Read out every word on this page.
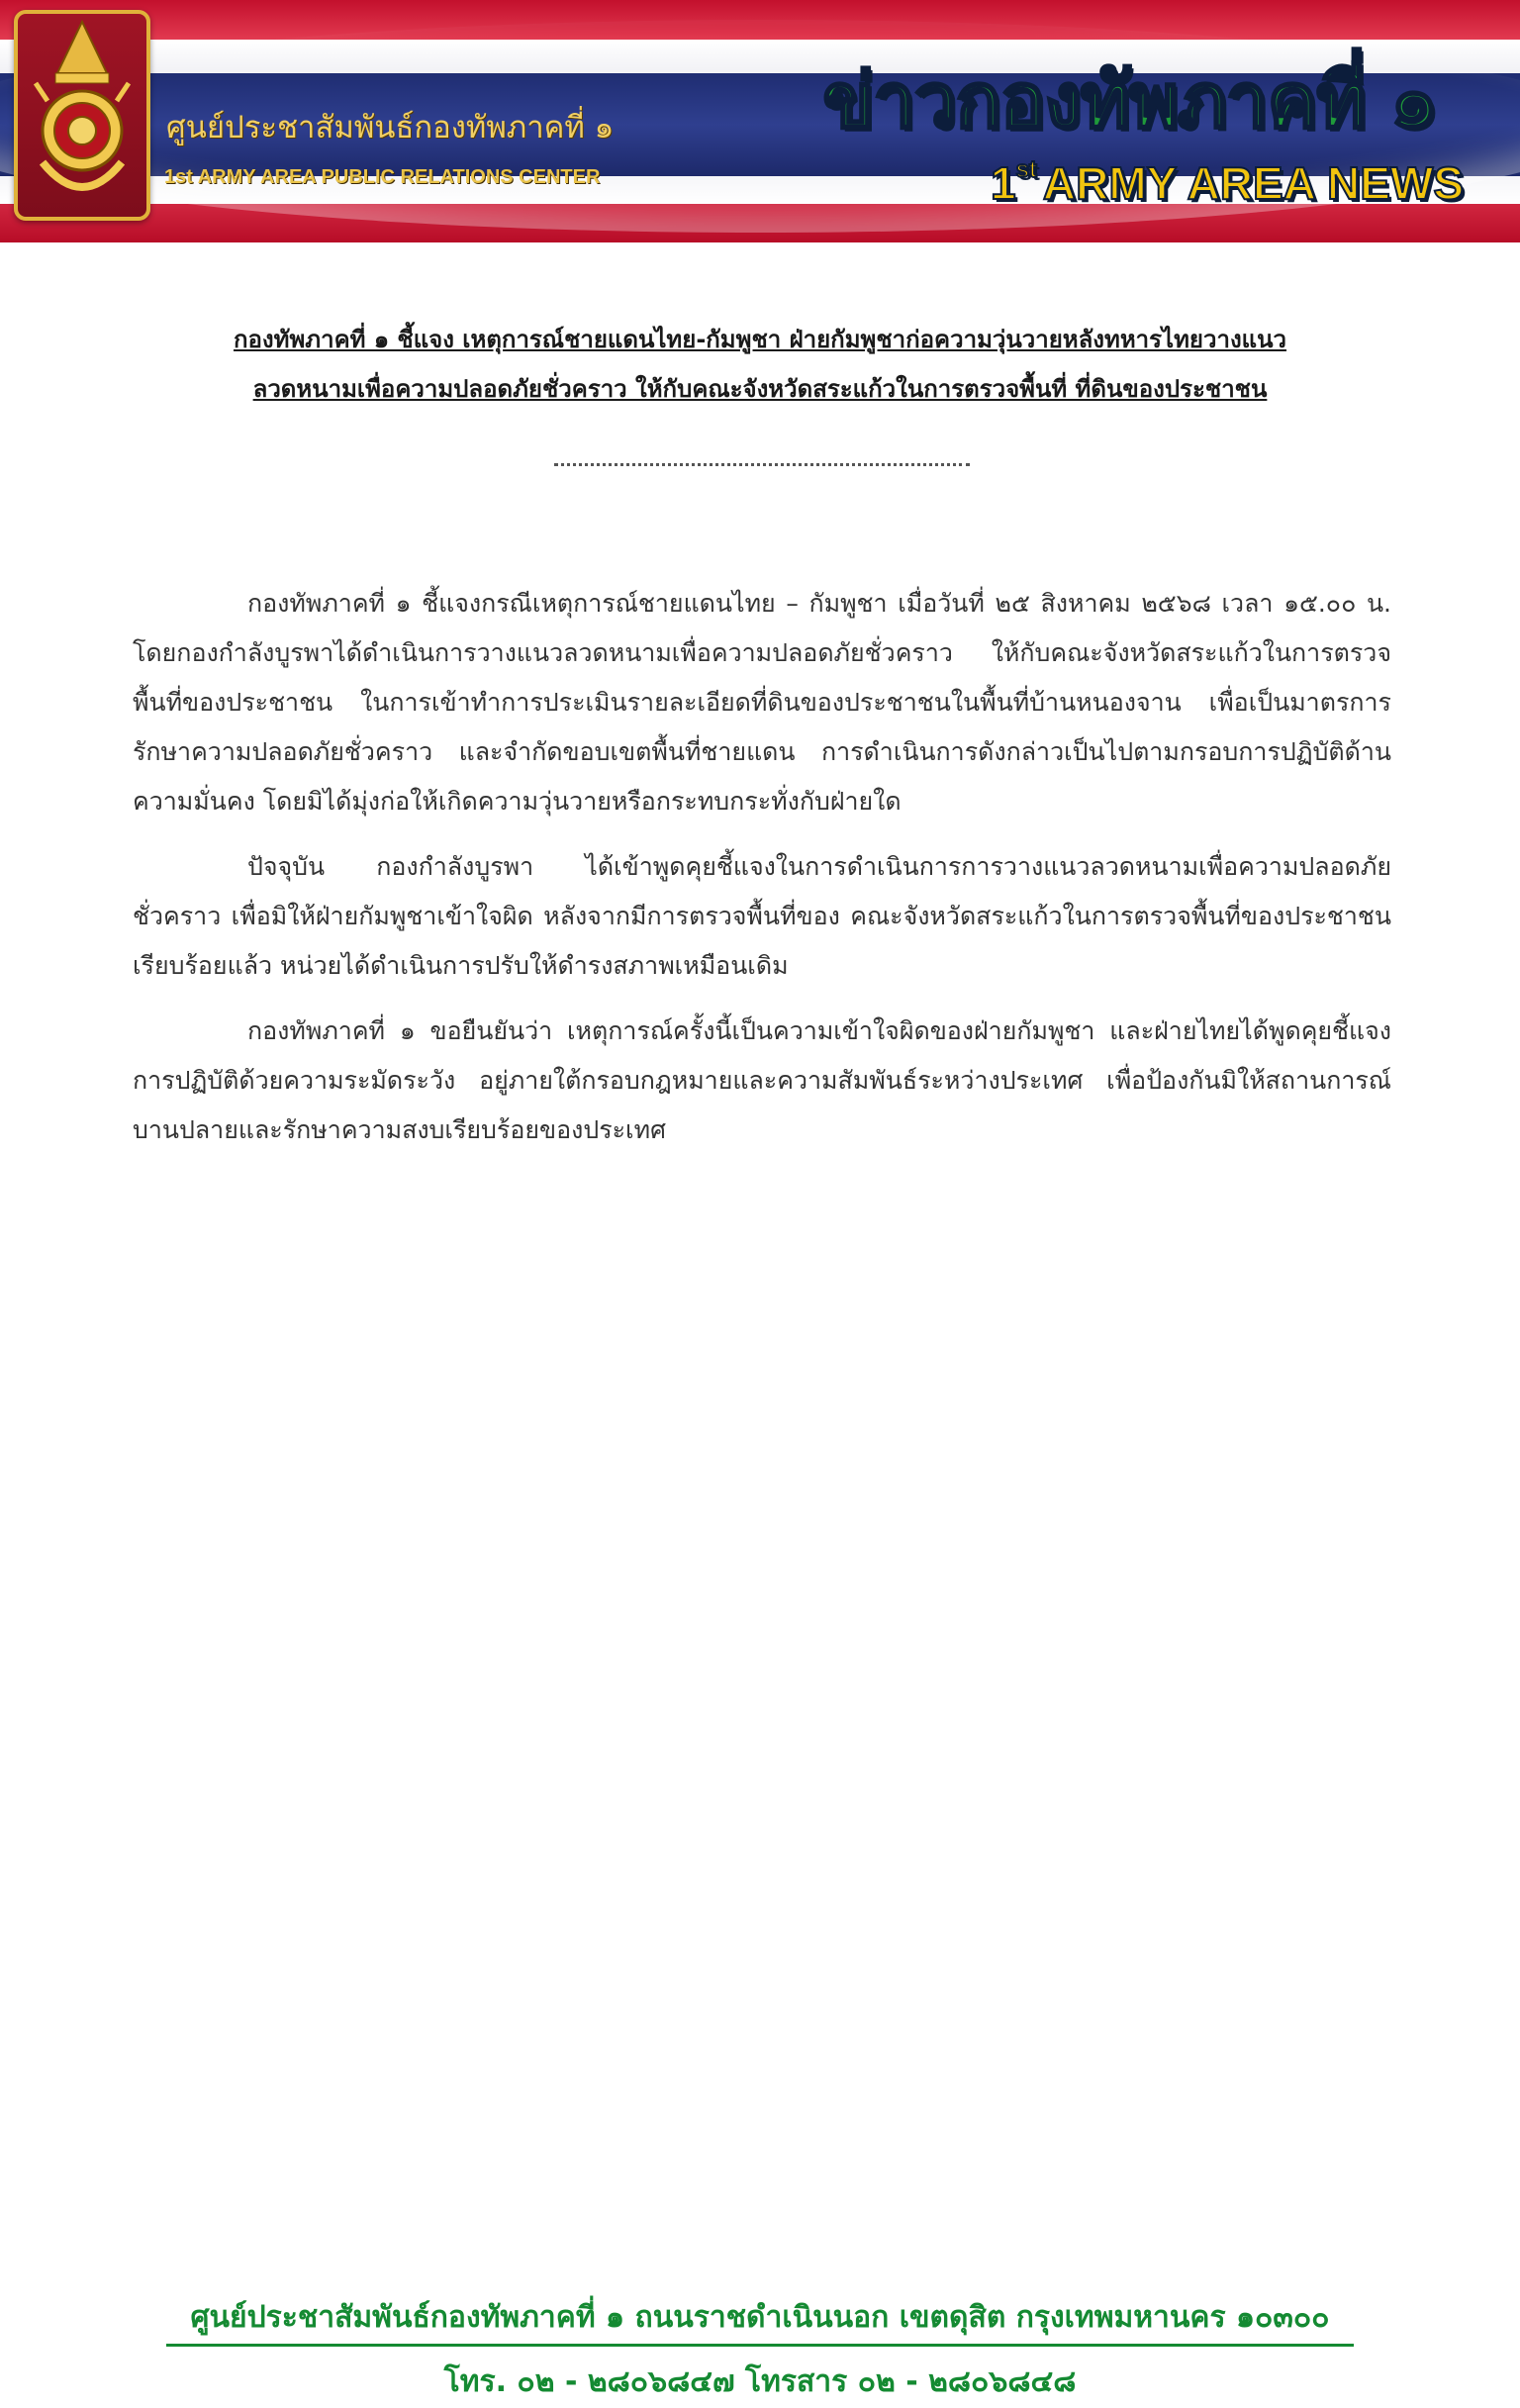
ศูนย์ประชาสัมพันธ์กองทัพภาคที่ ๑
1st ARMY AREA PUBLIC RELATIONS CENTER
ข่าวกองทัพภาคที่ ๑
1st ARMY AREA NEWS
กองทัพภาคที่ ๑ ชี้แจง เหตุการณ์ชายแดนไทย-กัมพูชา ฝ่ายกัมพูชาก่อความวุ่นวายหลังทหารไทยวางแนว
ลวดหนามเพื่อความปลอดภัยชั่วคราว ให้กับคณะจังหวัดสระแก้วในการตรวจพื้นที่ ที่ดินของประชาชน

กองทัพภาคที่ ๑ ชี้แจงกรณีเหตุการณ์ชายแดนไทย – กัมพูชา เมื่อวันที่ ๒๕ สิงหาคม ๒๕๖๘ เวลา ๑๕.๐๐ น. โดยกองกำลังบูรพาได้ดำเนินการวางแนวลวดหนามเพื่อความปลอดภัยชั่วคราว ให้กับคณะจังหวัดสระแก้วในการตรวจพื้นที่ของประชาชน ในการเข้าทำการประเมินรายละเอียดที่ดินของประชาชนในพื้นที่บ้านหนองจาน เพื่อเป็นมาตรการรักษาความปลอดภัยชั่วคราว และจำกัดขอบเขตพื้นที่ชายแดน การดำเนินการดังกล่าวเป็นไปตามกรอบการปฏิบัติด้านความมั่นคง โดยมิได้มุ่งก่อให้เกิดความวุ่นวายหรือกระทบกระทั่งกับฝ่ายใด

ปัจจุบัน กองกำลังบูรพา ได้เข้าพูดคุยชี้แจงในการดำเนินการการวางแนวลวดหนามเพื่อความปลอดภัยชั่วคราว เพื่อมิให้ฝ่ายกัมพูชาเข้าใจผิด หลังจากมีการตรวจพื้นที่ของ คณะจังหวัดสระแก้วในการตรวจพื้นที่ของประชาชนเรียบร้อยแล้ว หน่วยได้ดำเนินการปรับให้ดำรงสภาพเหมือนเดิม

กองทัพภาคที่ ๑ ขอยืนยันว่า เหตุการณ์ครั้งนี้เป็นความเข้าใจผิดของฝ่ายกัมพูชา และฝ่ายไทยได้พูดคุยชี้แจงการปฏิบัติด้วยความระมัดระวัง อยู่ภายใต้กรอบกฎหมายและความสัมพันธ์ระหว่างประเทศ เพื่อป้องกันมิให้สถานการณ์บานปลายและรักษาความสงบเรียบร้อยของประเทศ

ศูนย์ประชาสัมพันธ์กองทัพภาคที่ ๑ ถนนราชดำเนินนอก เขตดุสิต กรุงเทพมหานคร ๑๐๓๐๐
โทร. ๐๒ - ๒๘๐๖๘๔๗ โทรสาร ๐๒ - ๒๘๐๖๘๔๘
